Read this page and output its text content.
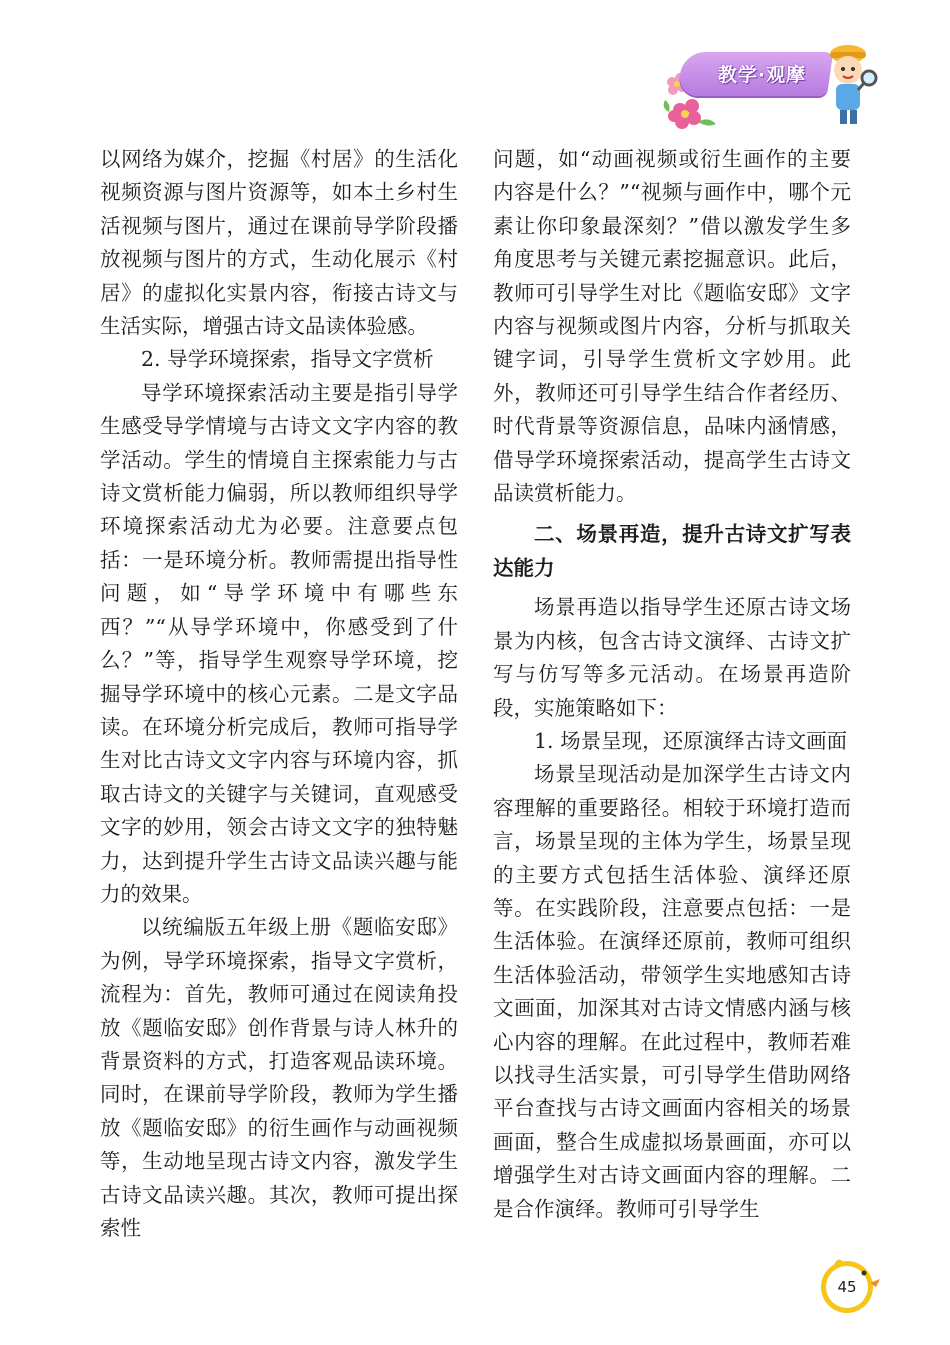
教学·观摩

以网络为媒介，挖掘《村居》的生活化视频资源与图片资源等，如本土乡村生活视频与图片，通过在课前导学阶段播放视频与图片的方式，生动化展示《村居》的虚拟化实景内容，衔接古诗文与生活实际，增强古诗文品读体验感。

2. 导学环境探索，指导文字赏析

导学环境探索活动主要是指引导学生感受导学情境与古诗文文字内容的教学活动。学生的情境自主探索能力与古诗文赏析能力偏弱，所以教师组织导学环境探索活动尤为必要。注意要点包括：一是环境分析。教师需提出指导性问题，如“导学环境中有哪些东西？”“从导学环境中，你感受到了什么？”等，指导学生观察导学环境，挖掘导学环境中的核心元素。二是文字品读。在环境分析完成后，教师可指导学生对比古诗文文字内容与环境内容，抓取古诗文的关键字与关键词，直观感受文字的妙用，领会古诗文文字的独特魅力，达到提升学生古诗文品读兴趣与能力的效果。

以统编版五年级上册《题临安邸》为例，导学环境探索，指导文字赏析，流程为：首先，教师可通过在阅读角投放《题临安邸》创作背景与诗人林升的背景资料的方式，打造客观品读环境。同时，在课前导学阶段，教师为学生播放《题临安邸》的衍生画作与动画视频等，生动地呈现古诗文内容，激发学生古诗文品读兴趣。其次，教师可提出探索性

问题，如“动画视频或衍生画作的主要内容是什么？”“视频与画作中，哪个元素让你印象最深刻？”借以激发学生多角度思考与关键元素挖掘意识。此后，教师可引导学生对比《题临安邸》文字内容与视频或图片内容，分析与抓取关键字词，引导学生赏析文字妙用。此外，教师还可引导学生结合作者经历、时代背景等资源信息，品味内涵情感，借导学环境探索活动，提高学生古诗文品读赏析能力。

二、场景再造，提升古诗文扩写表达能力

场景再造以指导学生还原古诗文场景为内核，包含古诗文演绎、古诗文扩写与仿写等多元活动。在场景再造阶段，实施策略如下：

1. 场景呈现，还原演绎古诗文画面

场景呈现活动是加深学生古诗文内容理解的重要路径。相较于环境打造而言，场景呈现的主体为学生，场景呈现的主要方式包括生活体验、演绎还原等。在实践阶段，注意要点包括：一是生活体验。在演绎还原前，教师可组织生活体验活动，带领学生实地感知古诗文画面，加深其对古诗文情感内涵与核心内容的理解。在此过程中，教师若难以找寻生活实景，可引导学生借助网络平台查找与古诗文画面内容相关的场景画面，整合生成虚拟场景画面，亦可以增强学生对古诗文画面内容的理解。二是合作演绎。教师可引导学生

45
